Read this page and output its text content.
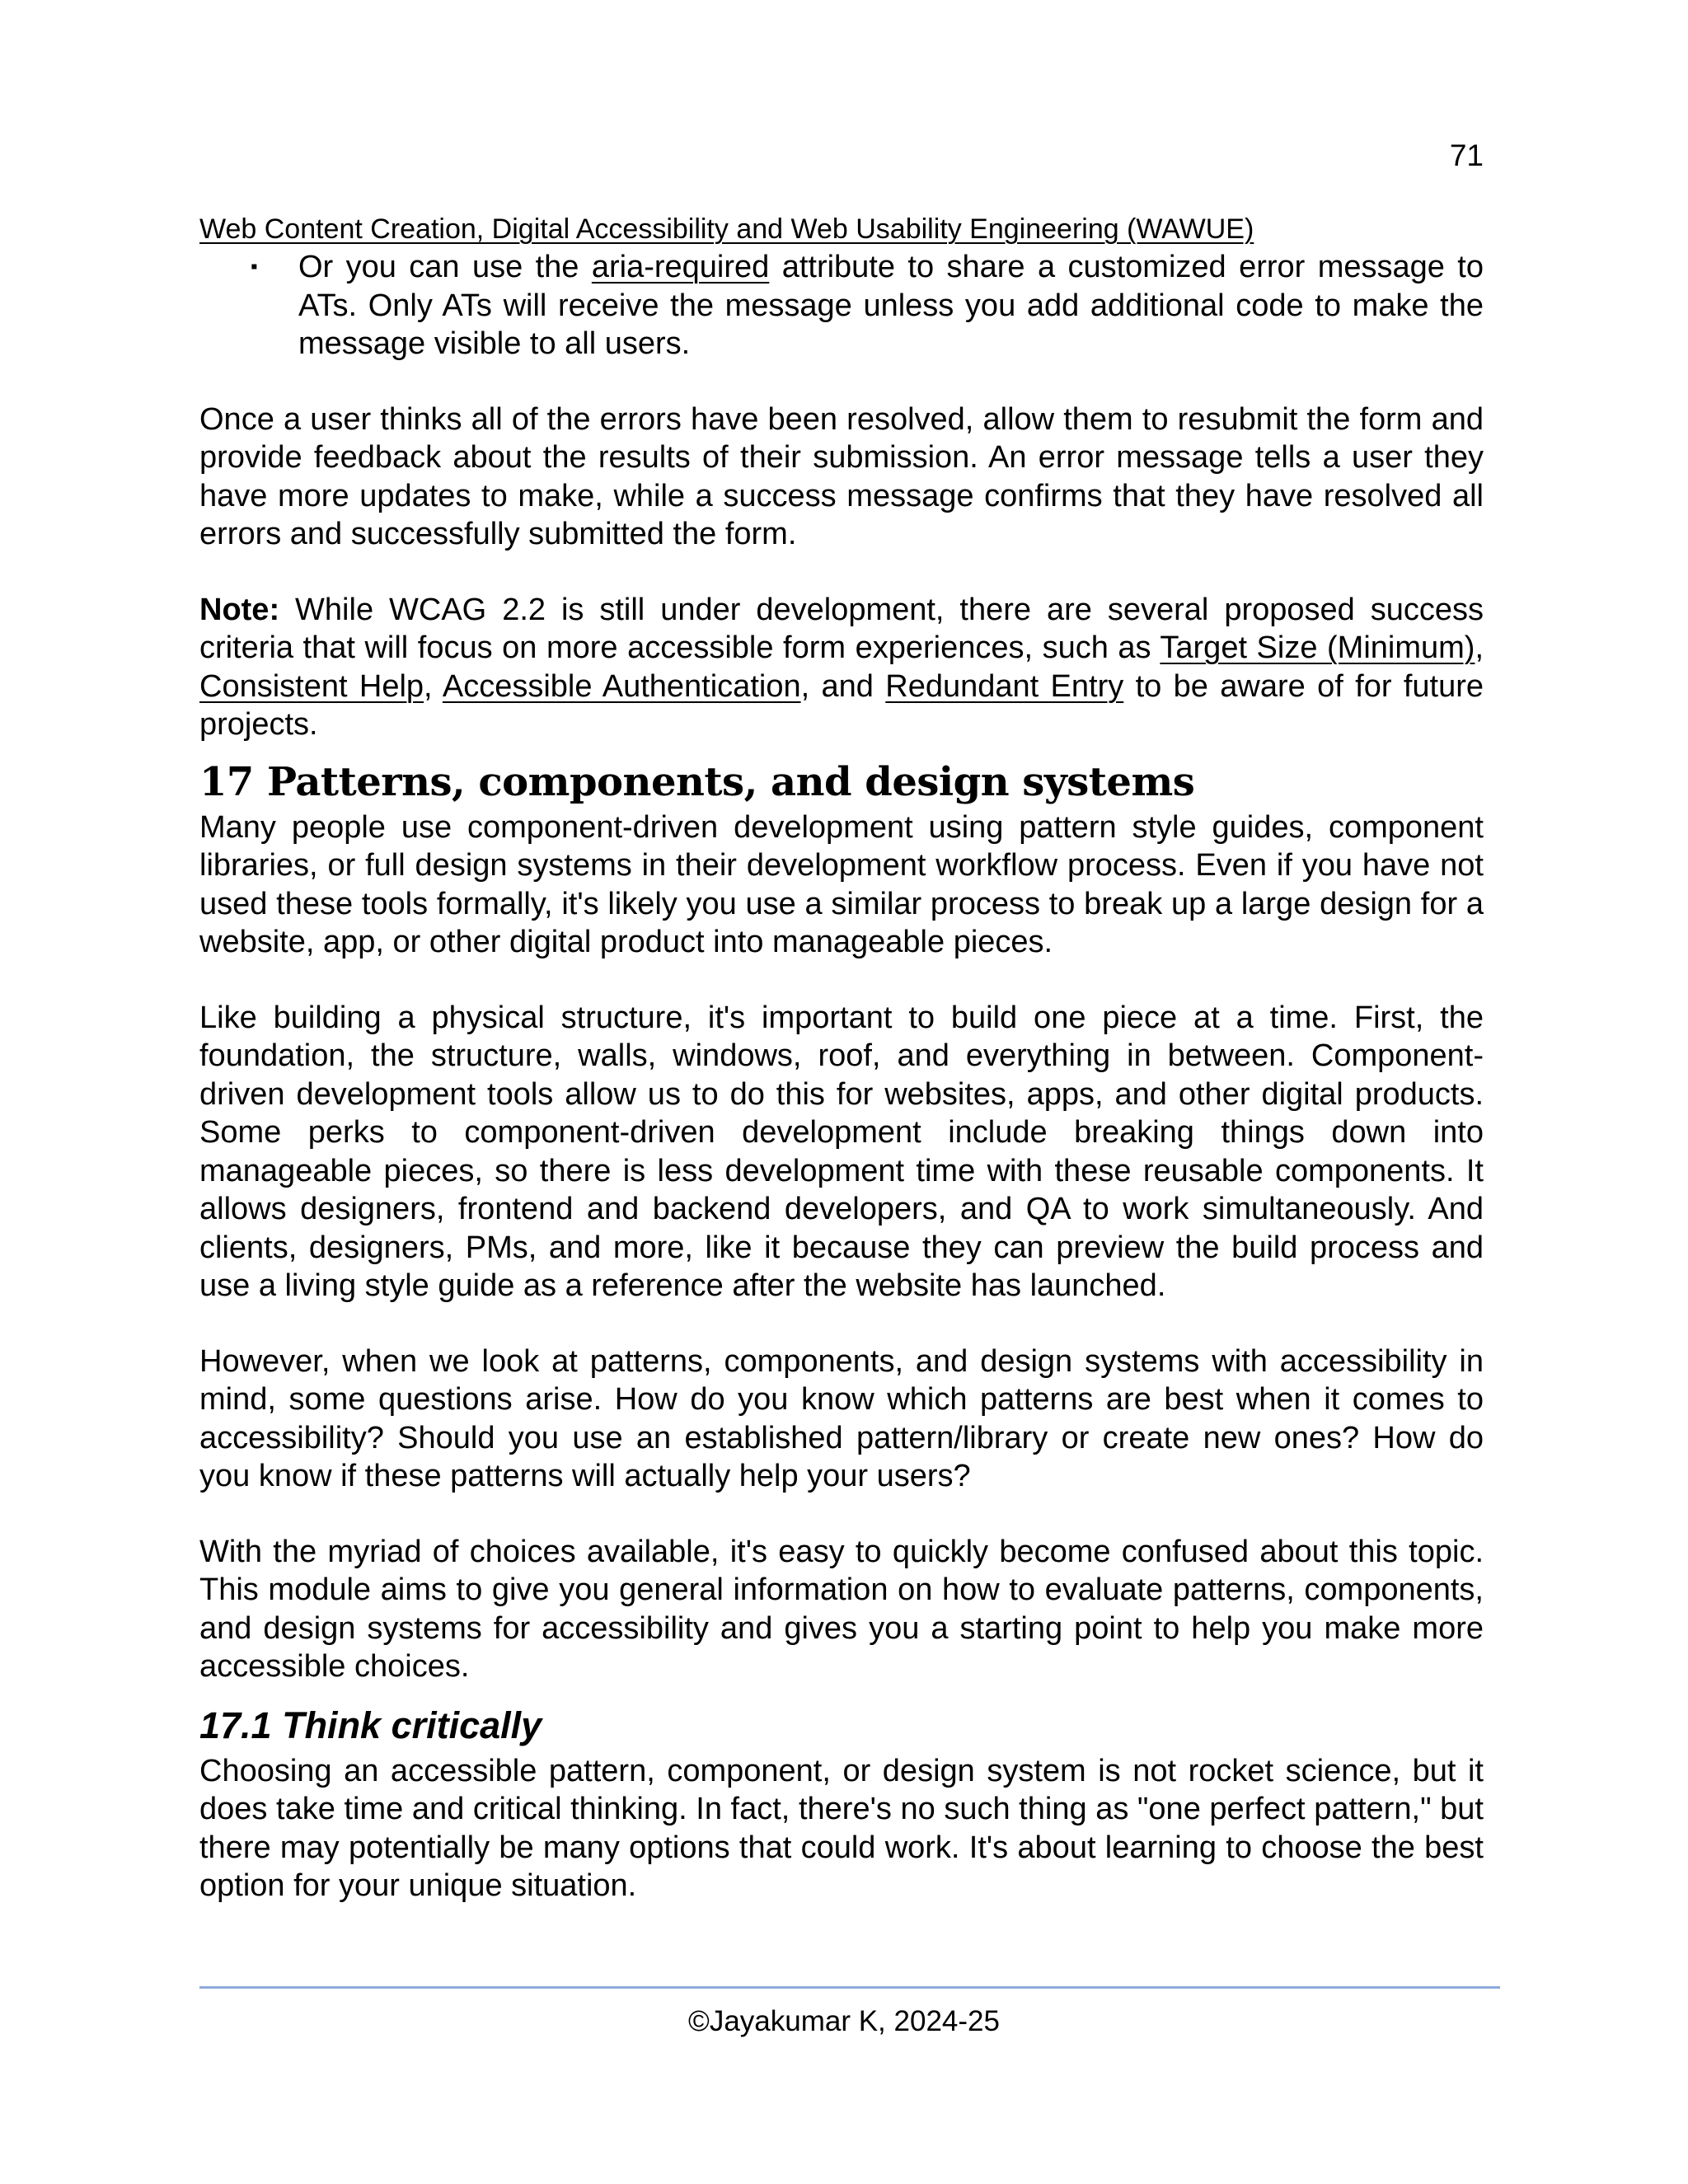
71
Web Content Creation, Digital Accessibility and Web Usability Engineering (WAWUE)
▪ Or you can use the aria-required attribute to share a customized error message to ATs. Only ATs will receive the message unless you add additional code to make the message visible to all users.

Once a user thinks all of the errors have been resolved, allow them to resubmit the form and provide feedback about the results of their submission. An error message tells a user they have more updates to make, while a success message confirms that they have resolved all errors and successfully submitted the form.

Note: While WCAG 2.2 is still under development, there are several proposed success criteria that will focus on more accessible form experiences, such as Target Size (Minimum), Consistent Help, Accessible Authentication, and Redundant Entry to be aware of for future projects.

17 Patterns, components, and design systems

Many people use component-driven development using pattern style guides, component libraries, or full design systems in their development workflow process. Even if you have not used these tools formally, it's likely you use a similar process to break up a large design for a website, app, or other digital product into manageable pieces.

Like building a physical structure, it's important to build one piece at a time. First, the foundation, the structure, walls, windows, roof, and everything in between. Component-driven development tools allow us to do this for websites, apps, and other digital products. Some perks to component-driven development include breaking things down into manageable pieces, so there is less development time with these reusable components. It allows designers, frontend and backend developers, and QA to work simultaneously. And clients, designers, PMs, and more, like it because they can preview the build process and use a living style guide as a reference after the website has launched.

However, when we look at patterns, components, and design systems with accessibility in mind, some questions arise. How do you know which patterns are best when it comes to accessibility? Should you use an established pattern/library or create new ones? How do you know if these patterns will actually help your users?

With the myriad of choices available, it's easy to quickly become confused about this topic. This module aims to give you general information on how to evaluate patterns, components, and design systems for accessibility and gives you a starting point to help you make more accessible choices.

17.1 Think critically

Choosing an accessible pattern, component, or design system is not rocket science, but it does take time and critical thinking. In fact, there's no such thing as "one perfect pattern," but there may potentially be many options that could work. It's about learning to choose the best option for your unique situation.

©Jayakumar K, 2024-25
